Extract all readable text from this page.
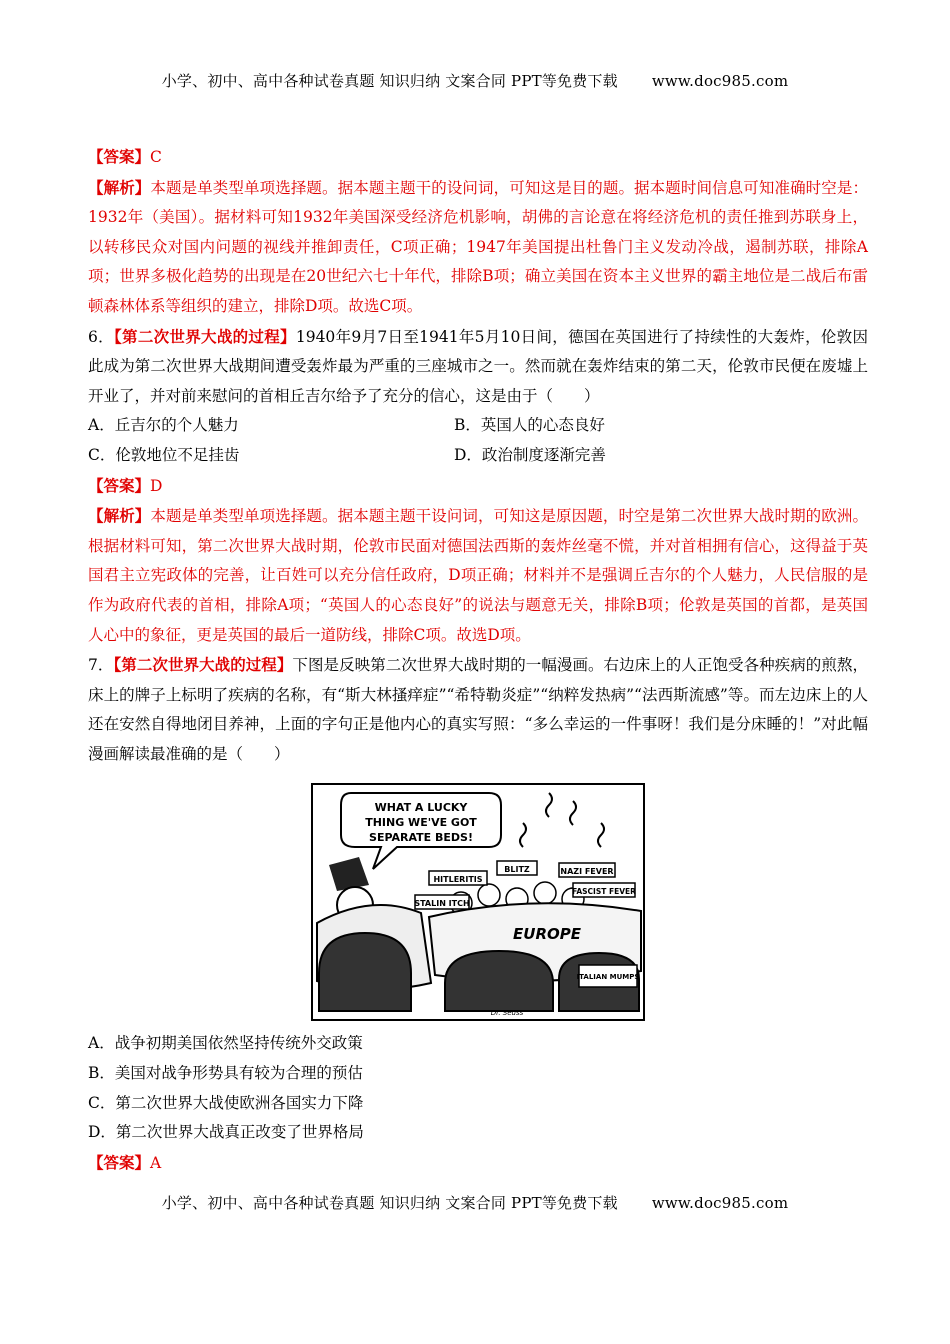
小学、初中、高中各种试卷真题 知识归纳 文案合同 PPT等免费下载 www.doc985.com

【答案】C

【解析】本题是单类型单项选择题。据本题主题干的设问词，可知这是目的题。据本题时间信息可知准确时空是：1932年（美国）。据材料可知1932年美国深受经济危机影响，胡佛的言论意在将经济危机的责任推到苏联身上，以转移民众对国内问题的视线并推卸责任，C项正确；1947年美国提出杜鲁门主义发动冷战，遏制苏联，排除A项；世界多极化趋势的出现是在20世纪六七十年代，排除B项；确立美国在资本主义世界的霸主地位是二战后布雷顿森林体系等组织的建立，排除D项。故选C项。

6．【第二次世界大战的过程】1940年9月7日至1941年5月10日间，德国在英国进行了持续性的大轰炸，伦敦因此成为第二次世界大战期间遭受轰炸最为严重的三座城市之一。然而就在轰炸结束的第二天，伦敦市民便在废墟上开业了，并对前来慰问的首相丘吉尔给予了充分的信心，这是由于（　　）

A．丘吉尔的个人魅力	B．英国人的心态良好
C．伦敦地位不足挂齿	D．政治制度逐渐完善

【答案】D

【解析】本题是单类型单项选择题。据本题主题干设问词，可知这是原因题，时空是第二次世界大战时期的欧洲。根据材料可知，第二次世界大战时期，伦敦市民面对德国法西斯的轰炸丝毫不慌，并对首相拥有信心，这得益于英国君主立宪政体的完善，让百姓可以充分信任政府，D项正确；材料并不是强调丘吉尔的个人魅力，人民信服的是作为政府代表的首相，排除A项；“英国人的心态良好”的说法与题意无关，排除B项；伦敦是英国的首都，是英国人心中的象征，更是英国的最后一道防线，排除C项。故选D项。

7．【第二次世界大战的过程】下图是反映第二次世界大战时期的一幅漫画。右边床上的人正饱受各种疾病的煎熬，床上的牌子上标明了疾病的名称，有“斯大林搔痒症”“希特勒炎症”“纳粹发热病”“法西斯流感”等。而左边床上的人还在安然自得地闭目养神，上面的字句正是他内心的真实写照：“多么幸运的一件事呀！我们是分床睡的！”对此幅漫画解读最准确的是（　　）

WHAT A LUCKY
THING WE'VE GOT
SEPARATE BEDS!
HITLERITIS
BLITZ	NAZI FEVER
STALIN ITCH
FASCIST FEVER
EUROPE
ITALIAN MUMPS
Dr. Seuss

A．战争初期美国依然坚持传统外交政策

B．美国对战争形势具有较为合理的预估

C．第二次世界大战使欧洲各国实力下降

D．第二次世界大战真正改变了世界格局

【答案】A

小学、初中、高中各种试卷真题 知识归纳 文案合同 PPT等免费下载 www.doc985.com
